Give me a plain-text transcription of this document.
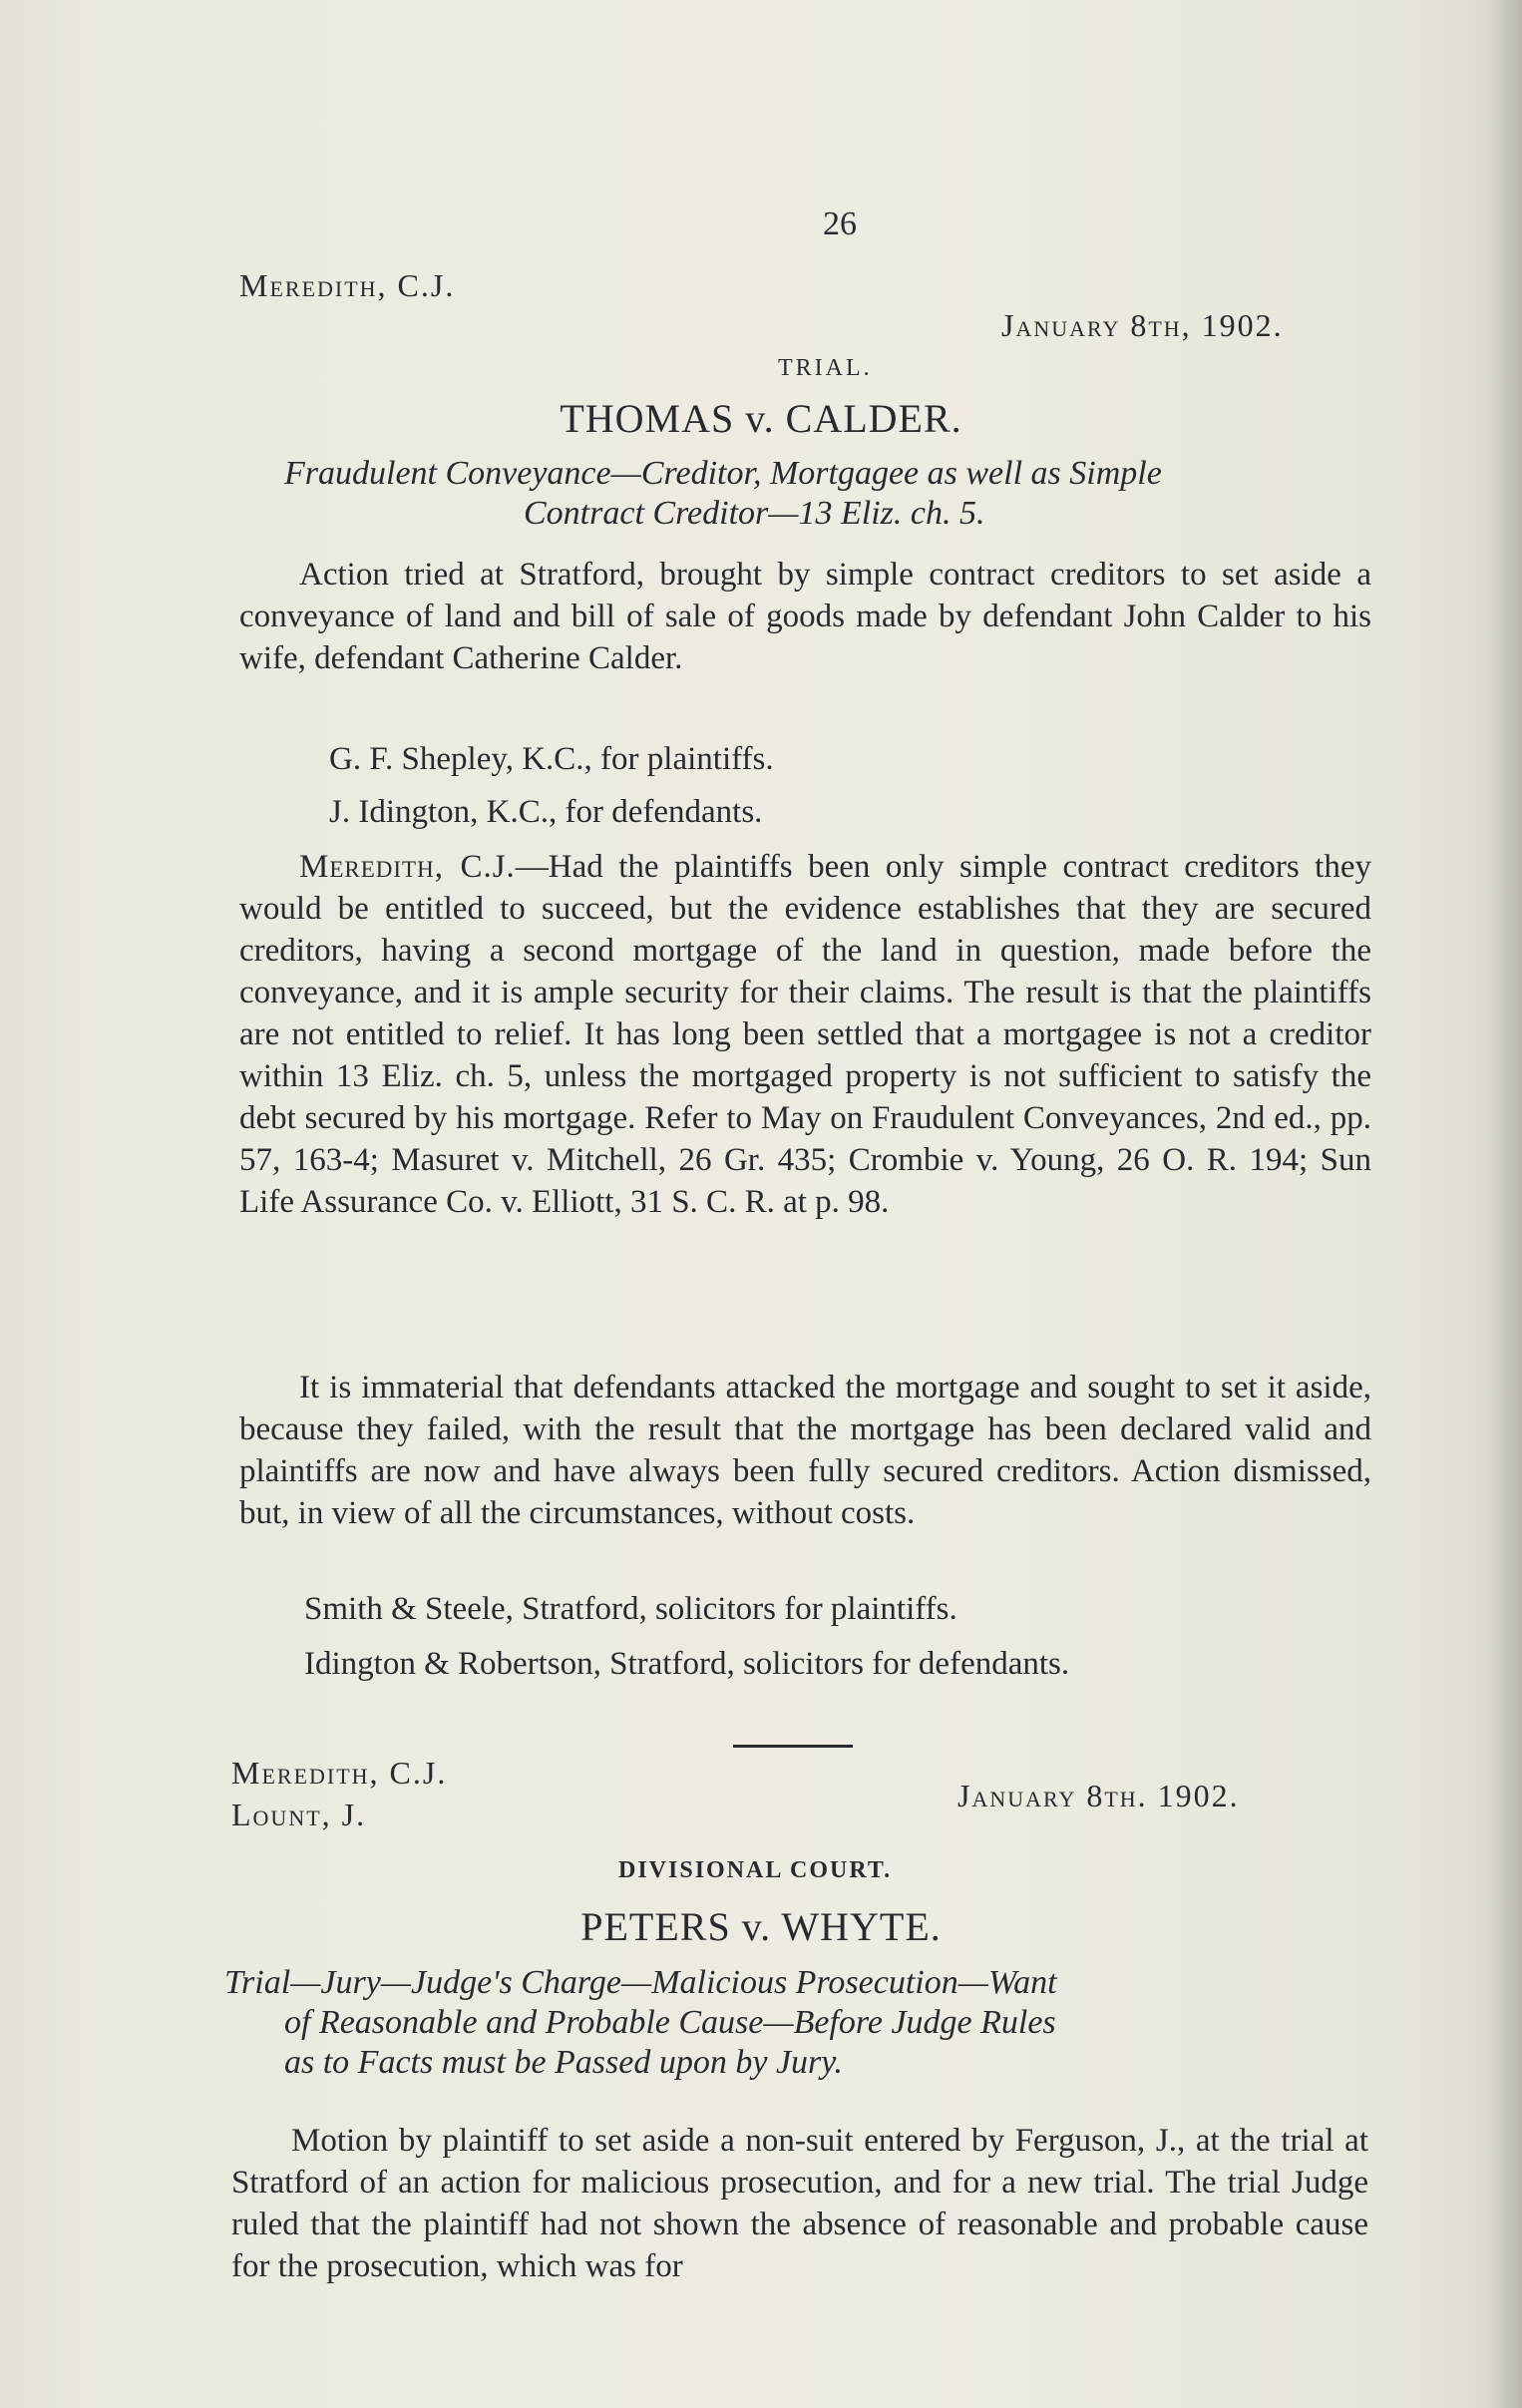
26
Meredith, C.J.
January 8th, 1902.
TRIAL.
THOMAS v. CALDER.
Fraudulent Conveyance—Creditor, Mortgagee as well as Simple
Contract Creditor—13 Eliz. ch. 5.

Action tried at Stratford, brought by simple contract creditors to set aside a conveyance of land and bill of sale of goods made by defendant John Calder to his wife, defendant Catherine Calder.

G. F. Shepley, K.C., for plaintiffs.
J. Idington, K.C., for defendants.

Meredith, C.J.—Had the plaintiffs been only simple contract creditors they would be entitled to succeed, but the evidence establishes that they are secured creditors, having a second mortgage of the land in question, made before the conveyance, and it is ample security for their claims. The result is that the plaintiffs are not entitled to relief. It has long been settled that a mortgagee is not a creditor within 13 Eliz. ch. 5, unless the mortgaged property is not sufficient to satisfy the debt secured by his mortgage. Refer to May on Fraudulent Conveyances, 2nd ed., pp. 57, 163-4; Masuret v. Mitchell, 26 Gr. 435; Crombie v. Young, 26 O. R. 194; Sun Life Assurance Co. v. Elliott, 31 S. C. R. at p. 98.

It is immaterial that defendants attacked the mortgage and sought to set it aside, because they failed, with the result that the mortgage has been declared valid and plaintiffs are now and have always been fully secured creditors. Action dismissed, but, in view of all the circumstances, without costs.

Smith & Steele, Stratford, solicitors for plaintiffs.
Idington & Robertson, Stratford, solicitors for defendants.
Meredith, C.J.
Lount, J.
January 8th. 1902.
DIVISIONAL COURT.
PETERS v. WHYTE.
Trial—Jury—Judge's Charge—Malicious Prosecution—Want
of Reasonable and Probable Cause—Before Judge Rules
as to Facts must be Passed upon by Jury.

Motion by plaintiff to set aside a non-suit entered by Ferguson, J., at the trial at Stratford of an action for malicious prosecution, and for a new trial. The trial Judge ruled that the plaintiff had not shown the absence of reasonable and probable cause for the prosecution, which was for
